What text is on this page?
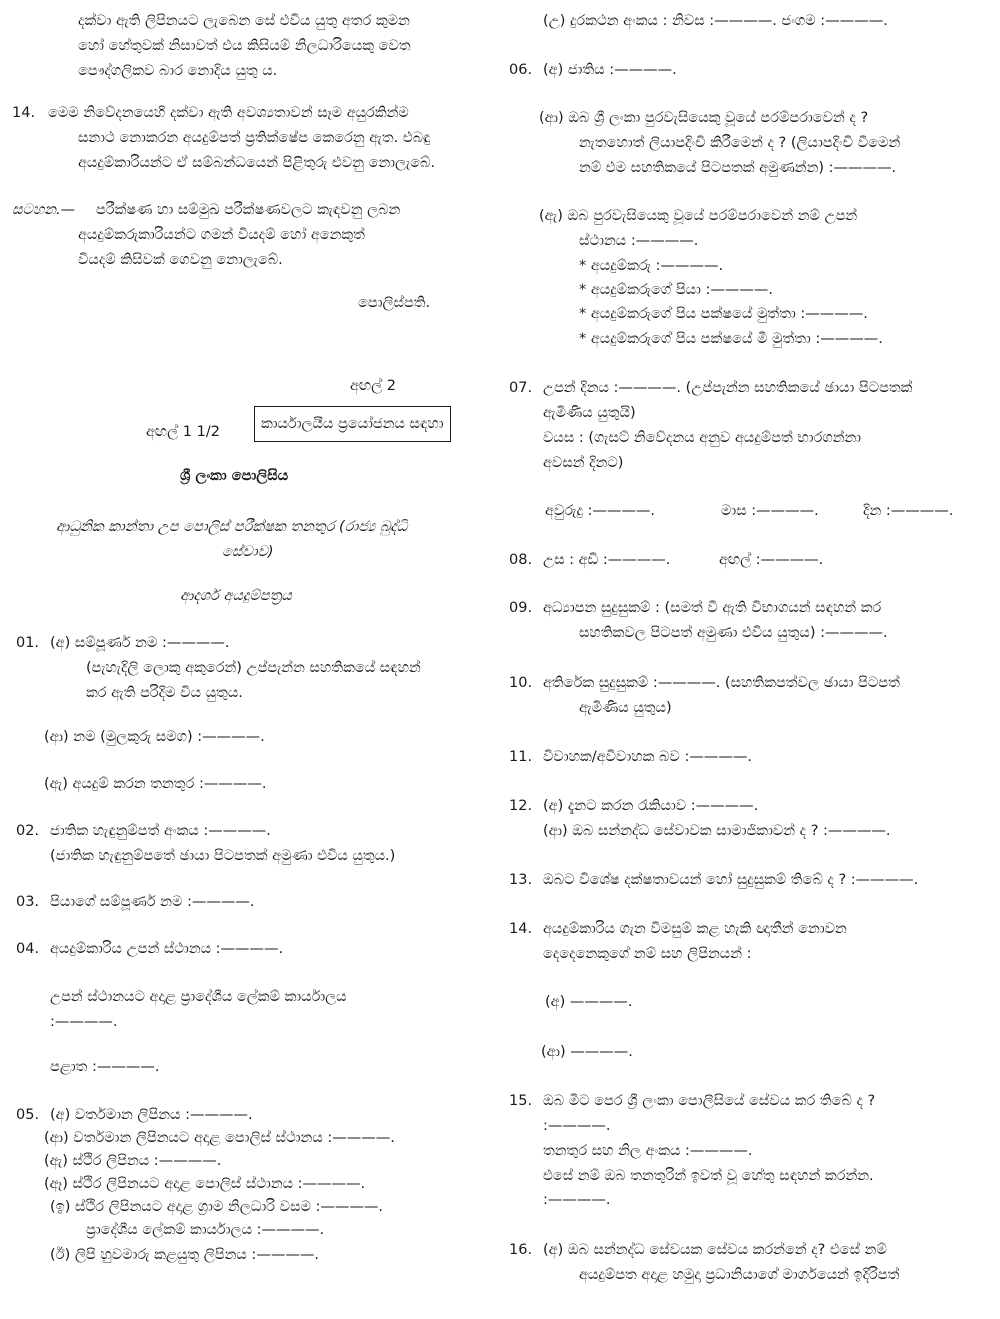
දක්වා ඇති ලිපිනයට ලැබෙන සේ එවිය යුතු අතර කුමන
හෝ හේතුවක් නිසාවත් එය කිසියම් නිලධාරියෙකු වෙත
පෞද්ගලිකව බාර නොදිය යුතු ය.
14. මෙම නිවේදනයෙහි දක්වා ඇති අවශ්‍යතාවන් සෑම අයුරකින්ම
සනාථ නොකරන අයදුම්පත් ප්‍රතික්ෂේප කෙරෙනු ඇත. එබඳු
අයදුම්කාරියන්ට ඒ සම්බන්ධයෙන් පිළිතුරු එවනු නොලැබේ.
සටහන.— පරීක්ෂණ හා සම්මුඛ පරීක්ෂණවලට කැඳවනු ලබන
අයදුම්කරුකාරියන්ට ගමන් වියදම් හෝ අනෙකුත්
වියදම් කිසිවක් ගෙවනු නොලැබේ.
පොලිස්පති.
අඟල් 2
අඟල් 1 1/2	කාර්යාලයීය ප්‍රයෝජනය සඳහා
ශ්‍රී ලංකා පොලිසිය
ආධුනික කාන්තා උප පොලිස් පරීක්ෂක තනතුර (රාජ්‍ය බුද්ධි
සේවාව)
ආදර්ශ අයදුම්පත්‍රය
01. (අ) සම්පූර්ණ නම :————.
(පැහැදිලි ලොකු අකුරෙන්) උප්පැන්න සහතිකයේ සඳහන්
කර ඇති පරිදිම විය යුතුය.
(ආ) නම (මුලකුරු සමග) :————.
(ඇ) අයදුම් කරන තනතුර :————.
02. ජාතික හැඳුනුම්පත් අංකය :————.
(ජාතික හැඳුනුම්පතේ ඡායා පිටපතක් අමුණා එවිය යුතුය.)
03. පියාගේ සම්පූර්ණ නම :————.
04. අයදුම්කාරිය උපන් ස්ථානය :————.
උපන් ස්ථානයට අදාළ ප්‍රාදේශීය ලේකම් කාර්යාලය
:————.
පළාත :————.
05. (අ) වර්තමාන ලිපිනය :————.
(ආ) වර්තමාන ලිපිනයට අදාළ පොලිස් ස්ථානය :————.
(ඇ) ස්ථිර ලිපිනය :————.
(ඈ) ස්ථිර ලිපිනයට අදාළ පොලිස් ස්ථානය :————.
(ඉ) ස්ථිර ලිපිනයට අදාළ ග්‍රාම නිලධාරි වසම :————.
ප්‍රාදේශීය ලේකම් කාර්යාලය :————.
(ඊ) ලිපි හුවමාරු කළයුතු ලිපිනය :————.
(උ) දුරකථන අංකය : නිවස :————. ජංගම :————.
06. (අ) ජාතිය :————.
(ආ) ඔබ ශ්‍රී ලංකා පුරවැසියෙකු වූයේ පරම්පරාවෙන් ද ?
නැතහොත් ලියාපදිංචි කිරීමෙන් ද ? (ලියාපදිංචි වීමෙන්
නම් එම සහතිකයේ පිටපතක් අමුණන්න) :————.
(ඇ) ඔබ පුරවැසියෙකු වූයේ පරම්පරාවෙන් නම් උපන්
ස්ථානය :————.
* අයදුම්කරු :————.
* අයදුම්කරුගේ පියා :————.
* අයදුම්කරුගේ පිය පක්ෂයේ මුත්තා :————.
* අයදුම්කරුගේ පිය පක්ෂයේ මී මුත්තා :————.
07. උපන් දිනය :————. (උප්පැන්න සහතිකයේ ඡායා පිටපතක්
ඇමිණිය යුතුයි)
වයස : (ගැසට් නිවේදනය අනුව අයදුම්පත් භාරගන්නා
අවසන් දිනට)
අවුරුදු :————.	මාස :————.	දින :————.
08. උස : අඩි :————.	අඟල් :————.
09. අධ්‍යාපන සුදුසුකම් : (සමත් වී ඇති විභාගයන් සඳහන් කර
සහතිකවල පිටපත් අමුණා එවිය යුතුය) :————.
10. අතිරේක සුදුසුකම් :————. (සහතිකපත්වල ඡායා පිටපත්
ඇමිණිය යුතුය)
11. විවාහක/අවිවාහක බව :————.
12. (අ) දැනට කරන රැකියාව :————.
(ආ) ඔබ සන්නද්ධ සේවාවක සාමාජිකාවන් ද ? :————.
13. ඔබට විශේෂ දක්ෂතාවයන් හෝ සුදුසුකම් තිබේ ද ? :————.
14. අයදුම්කාරිය ගැන විමසුම් කළ හැකි ඥාතීන් නොවන
දෙදෙනෙකුගේ නම් සහ ලිපිනයන් :
(අ) ————.
(ආ) ————.
15. ඔබ මීට පෙර ශ්‍රී ලංකා පොලීසියේ සේවය කර තිබේ ද ?
:————.
තනතුර සහ නිල අංකය :————.
එසේ නම් ඔබ තනතුරින් ඉවත් වූ හේතු සඳහන් කරන්න.
:————.
16. (අ) ඔබ සන්නද්ධ සේවයක සේවය කරන්නේ ද? එසේ නම්
අයදුම්පත අදාළ හමුදා ප්‍රධානියාගේ මාර්ගයෙන් ඉදිරිපත්
